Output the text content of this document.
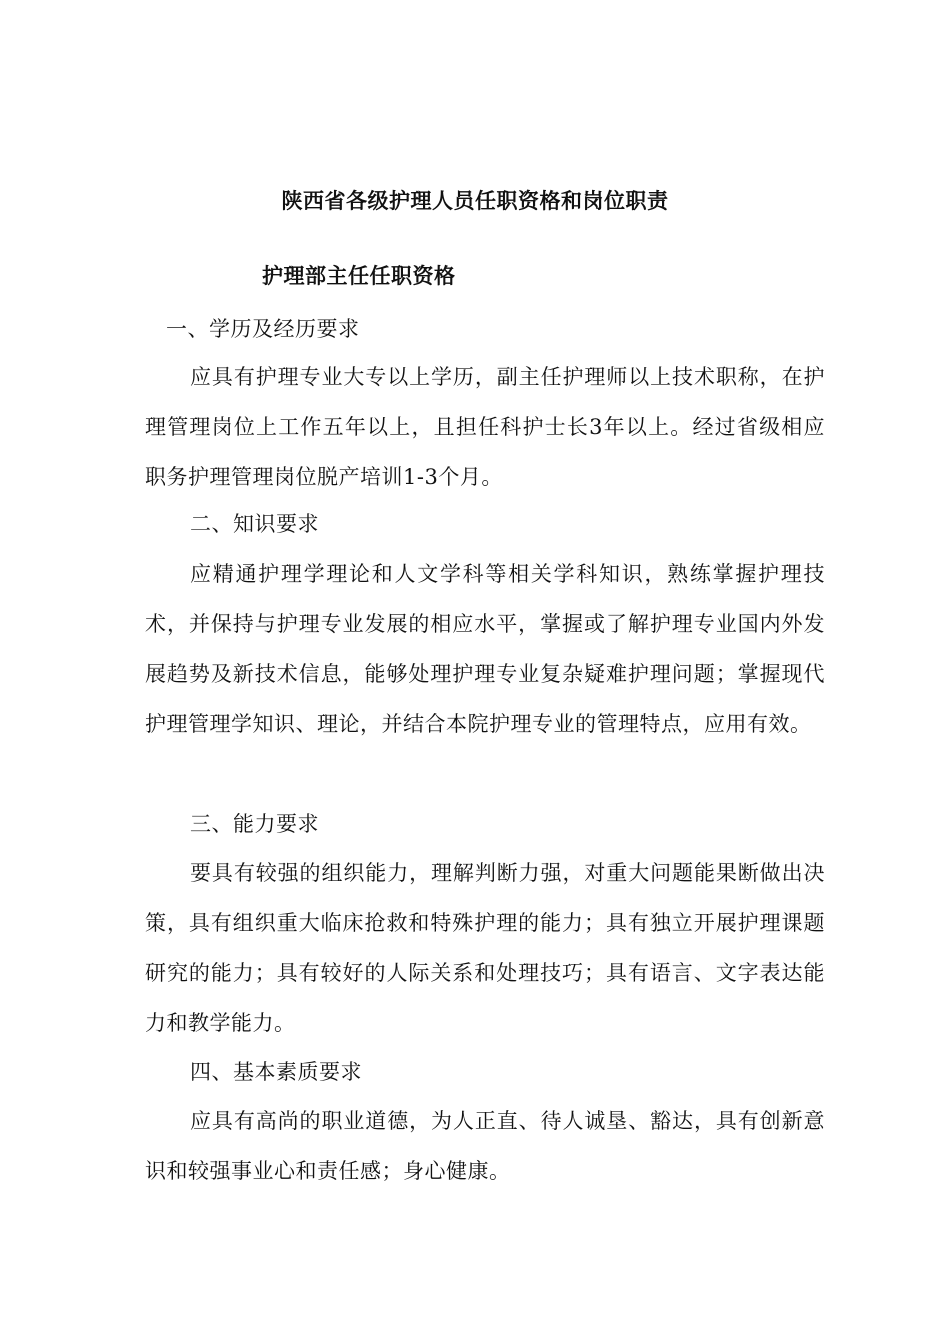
陕西省各级护理人员任职资格和岗位职责
护理部主任任职资格
一、学历及经历要求
应具有护理专业大专以上学历，副主任护理师以上技术职称，在护理管理岗位上工作五年以上，且担任科护士长3年以上。经过省级相应职务护理管理岗位脱产培训1-3个月。
二、知识要求
应精通护理学理论和人文学科等相关学科知识，熟练掌握护理技术，并保持与护理专业发展的相应水平，掌握或了解护理专业国内外发展趋势及新技术信息，能够处理护理专业复杂疑难护理问题；掌握现代护理管理学知识、理论，并结合本院护理专业的管理特点，应用有效。
三、能力要求
要具有较强的组织能力，理解判断力强，对重大问题能果断做出决策，具有组织重大临床抢救和特殊护理的能力；具有独立开展护理课题研究的能力；具有较好的人际关系和处理技巧；具有语言、文字表达能力和教学能力。
四、基本素质要求
应具有高尚的职业道德，为人正直、待人诚垦、豁达，具有创新意识和较强事业心和责任感；身心健康。
